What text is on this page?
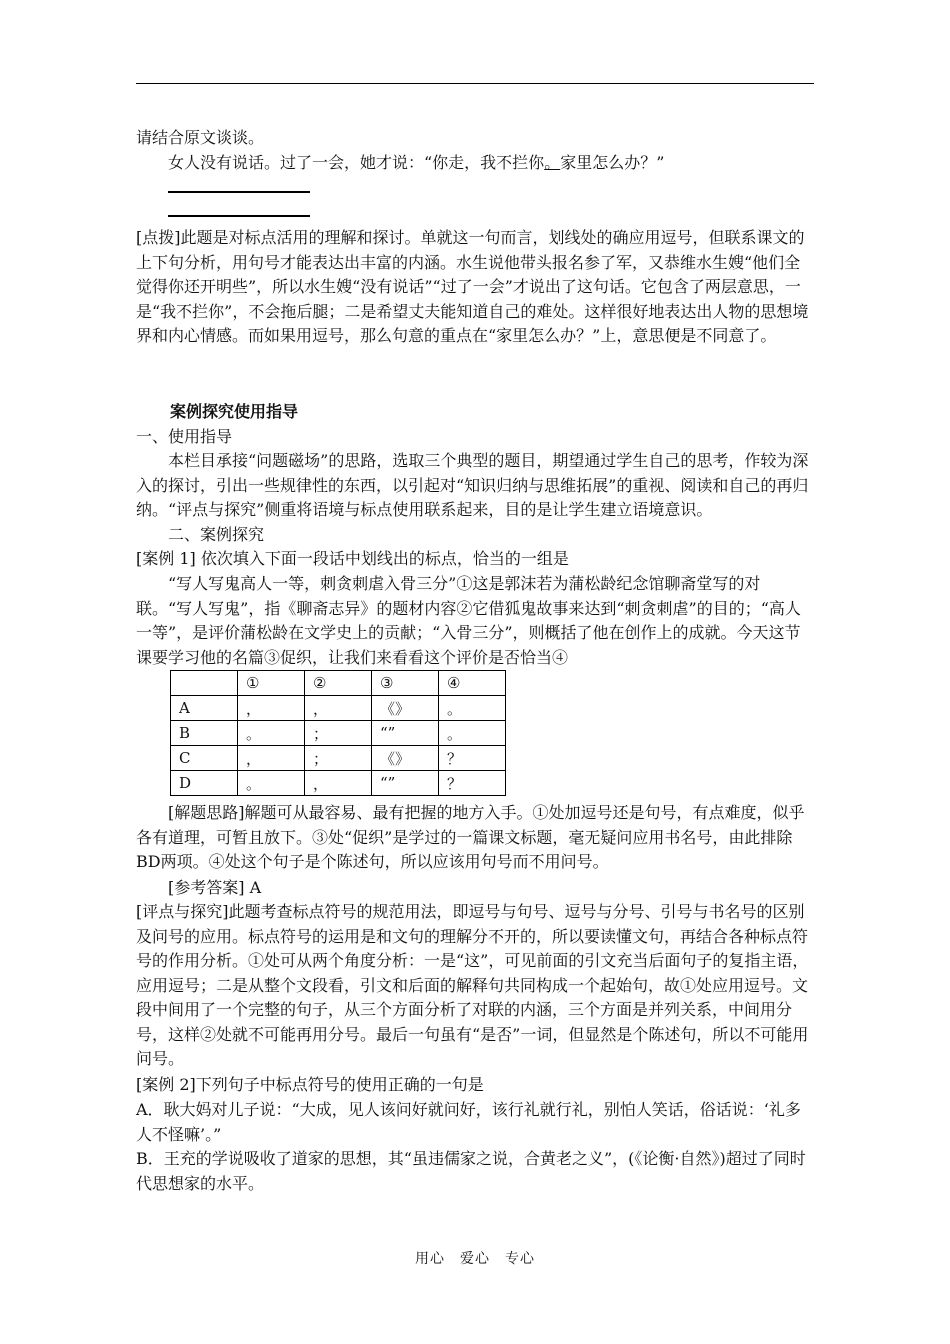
请结合原文谈谈。

女人没有说话。过了一会，她才说：“你走，我不拦你。家里怎么办？”

[点拨]此题是对标点活用的理解和探讨。单就这一句而言，划线处的确应用逗号，但联系课文的上下句分析，用句号才能表达出丰富的内涵。水生说他带头报名参了军，又恭维水生嫂“他们全觉得你还开明些”，所以水生嫂“没有说话”“过了一会”才说出了这句话。它包含了两层意思，一是“我不拦你”，不会拖后腿；二是希望丈夫能知道自己的难处。这样很好地表达出人物的思想境界和内心情感。而如果用逗号，那么句意的重点在“家里怎么办？”上，意思便是不同意了。

案例探究使用指导

一、使用指导

本栏目承接“问题磁场”的思路，选取三个典型的题目，期望通过学生自己的思考，作较为深入的探讨，引出一些规律性的东西，以引起对“知识归纳与思维拓展”的重视、阅读和自己的再归纳。“评点与探究”侧重将语境与标点使用联系起来，目的是让学生建立语境意识。

二、案例探究

[案例 1] 依次填入下面一段话中划线出的标点，恰当的一组是

“写人写鬼高人一等，刺贪刺虐入骨三分”①这是郭沫若为蒲松龄纪念馆聊斋堂写的对联。“写人写鬼”，指《聊斋志异》的题材内容②它借狐鬼故事来达到“刺贪刺虐”的目的；“高人一等”，是评价蒲松龄在文学史上的贡献；“入骨三分”，则概括了他在创作上的成就。今天这节课要学习他的名篇③促织，让我们来看看这个评价是否恰当④

	①	②	③	④
A	，	，	《》	。
B	。	；	“”	。
C	，	；	《》	？
D	。	，	“”	？

[解题思路]解题可从最容易、最有把握的地方入手。①处加逗号还是句号，有点难度，似乎各有道理，可暂且放下。③处“促织”是学过的一篇课文标题，毫无疑问应用书名号，由此排除BD两项。④处这个句子是个陈述句，所以应该用句号而不用问号。

[参考答案] A

[评点与探究]此题考查标点符号的规范用法，即逗号与句号、逗号与分号、引号与书名号的区别及问号的应用。标点符号的运用是和文句的理解分不开的，所以要读懂文句，再结合各种标点符号的作用分析。①处可从两个角度分析：一是“这”，可见前面的引文充当后面句子的复指主语，应用逗号；二是从整个文段看，引文和后面的解释句共同构成一个起始句，故①处应用逗号。文段中间用了一个完整的句子，从三个方面分析了对联的内涵，三个方面是并列关系，中间用分号，这样②处就不可能再用分号。最后一句虽有“是否”一词，但显然是个陈述句，所以不可能用问号。

[案例 2]下列句子中标点符号的使用正确的一句是

A．耿大妈对儿子说：“大成，见人该问好就问好，该行礼就行礼，别怕人笑话，俗话说：‘礼多人不怪嘛’。”

B．王充的学说吸收了道家的思想，其“虽违儒家之说，合黄老之义”，(《论衡·自然》)超过了同时代思想家的水平。

用心　爱心　专心
